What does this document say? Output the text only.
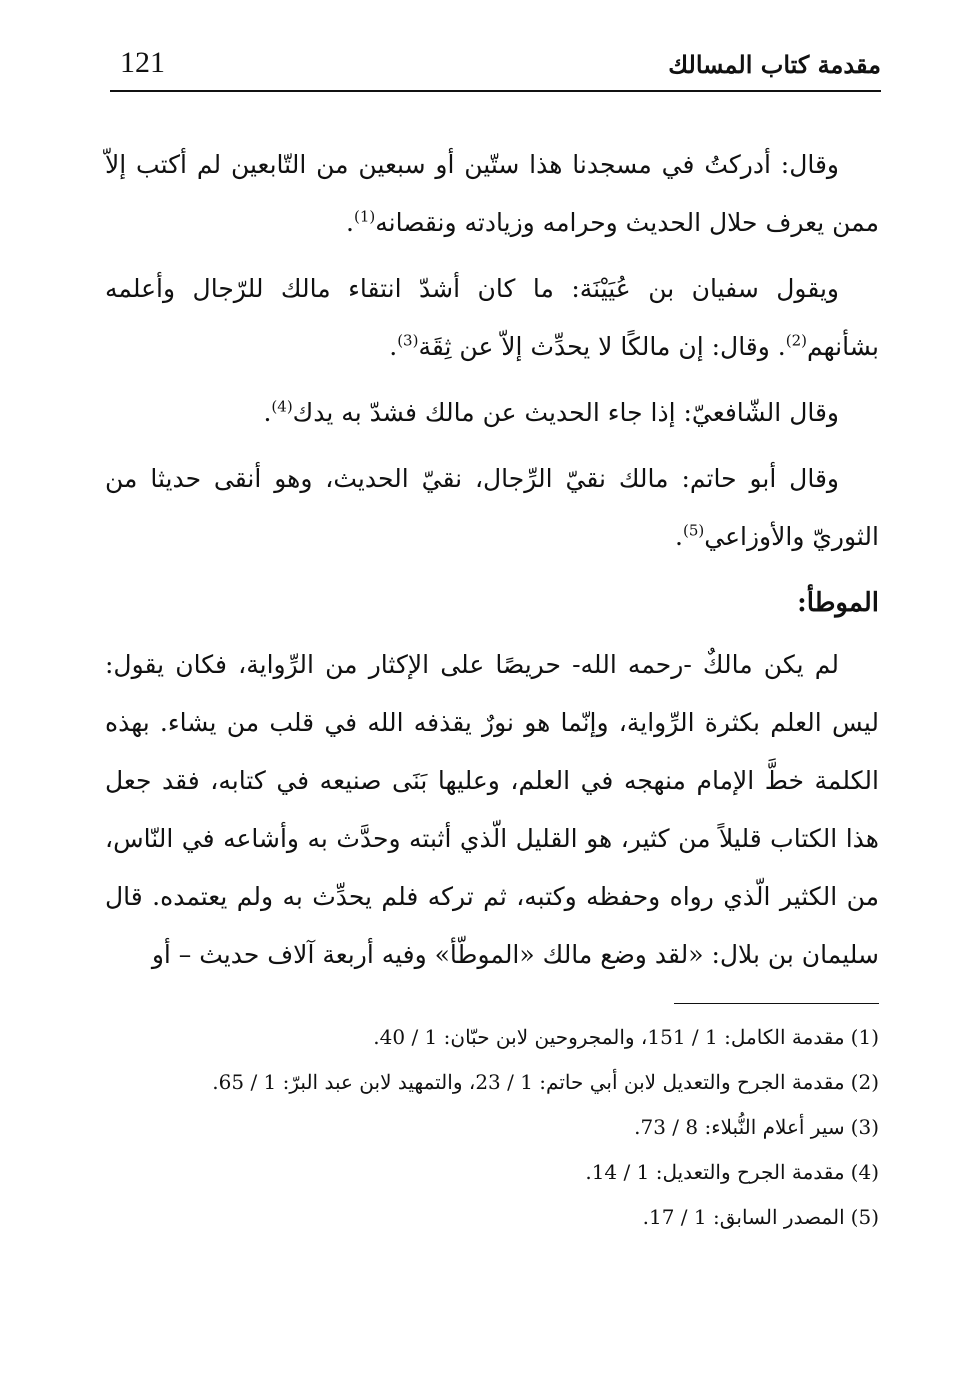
121	مقدمة كتاب المسالك

وقال: أدركتُ في مسجدنا هذا ستّين أو سبعين من التّابعين لم أكتب إلاّ ممن يعرف حلال الحديث وحرامه وزيادته ونقصانه$^{(1)}$.

ويقول سفيان بن عُيَيْنَة: ما كان أشدّ انتقاء مالك للرّجال وأعلمه بشأنهم$^{(2)}$. وقال: إن مالكًا لا يحدِّث إلاّ عن ثِقَة$^{(3)}$.

وقال الشّافعيّ: إذا جاء الحديث عن مالك فشدّ به يدك$^{(4)}$.

وقال أبو حاتم: مالك نقيّ الرِّجال، نقيّ الحديث، وهو أنقى حديثا من الثوريّ والأوزاعي$^{(5)}$.

الموطأ:

لم يكن مالكٌ -رحمه الله- حريصًا على الإكثار من الرِّواية، فكان يقول: ليس العلم بكثرة الرِّواية، وإنّما هو نورٌ يقذفه الله في قلب من يشاء. بهذه الكلمة خطَّ الإمام منهجه في العلم، وعليها بَنَى صنيعه في كتابه، فقد جعل هذا الكتاب قليلاً من كثير، هو القليل الّذي أثبته وحدَّث به وأشاعه في النّاس، من الكثير الّذي رواه وحفظه وكتبه، ثم تركه فلم يحدِّث به ولم يعتمده. قال سليمان بن بلال: «لقد وضع مالك «الموطّأ» وفيه أربعة آلاف حديث – أو

(1)مقدمة الكامل: 1 / 151، والمجروحين لابن حبّان: 1 / 40.

(2)مقدمة الجرح والتعديل لابن أبي حاتم: 1 / 23، والتمهيد لابن عبد البرّ: 1 / 65.

(3)سير أعلام النُّبلاء: 8 / 73.

(4)مقدمة الجرح والتعديل: 1 / 14.

(5)المصدر السابق: 1 / 17.
